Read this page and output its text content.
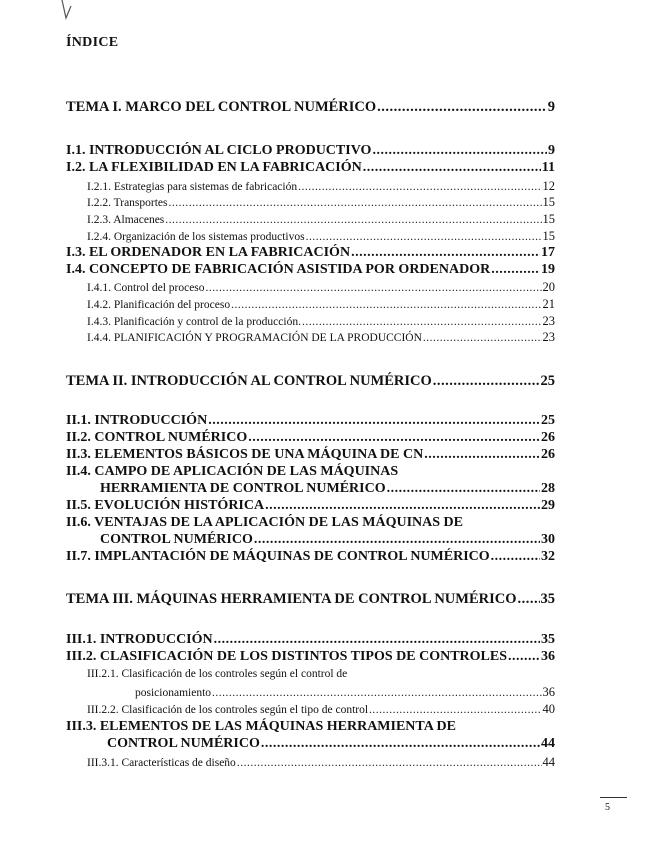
ÍNDICE
TEMA I. MARCO DEL CONTROL NUMÉRICO .....	9
I.1. INTRODUCCIÓN AL CICLO PRODUCTIVO .....	9
I.2. LA FLEXIBILIDAD EN LA FABRICACIÓN .....	11
I.2.1. Estrategias para sistemas de fabricación .....	12
I.2.2. Transportes .....	15
I.2.3. Almacenes .....	15
I.2.4. Organización de los sistemas productivos .....	15
I.3. EL ORDENADOR EN LA FABRICACIÓN .....	17
I.4. CONCEPTO DE FABRICACIÓN ASISTIDA POR ORDENADOR .....	19
I.4.1. Control del proceso .....	20
I.4.2. Planificación del proceso .....	21
I.4.3. Planificación y control de la producción. .....	23
I.4.4. PLANIFICACIÓN Y PROGRAMACIÓN DE LA PRODUCCIÓN .....	23
TEMA II. INTRODUCCIÓN AL CONTROL NUMÉRICO .....	25
II.1. INTRODUCCIÓN .....	25
II.2. CONTROL NUMÉRICO .....	26
II.3. ELEMENTOS BÁSICOS DE UNA MÁQUINA DE CN .....	26
II.4. CAMPO DE APLICACIÓN DE LAS MÁQUINAS
HERRAMIENTA DE CONTROL NUMÉRICO .....	28
II.5. EVOLUCIÓN HISTÓRICA .....	29
II.6. VENTAJAS DE LA APLICACIÓN DE LAS MÁQUINAS DE
CONTROL NUMÉRICO .....	30
II.7. IMPLANTACIÓN DE MÁQUINAS DE CONTROL NUMÉRICO .....	32
TEMA III. MÁQUINAS HERRAMIENTA DE CONTROL NUMÉRICO ..... 35
III.1. INTRODUCCIÓN .....	35
III.2. CLASIFICACIÓN DE LOS DISTINTOS TIPOS DE CONTROLES ..... 36
III.2.1. Clasificación de los controles según el control de
posicionamiento .....	36
III.2.2. Clasificación de los controles según el tipo de control .....	40
III.3. ELEMENTOS DE LAS MÁQUINAS HERRAMIENTA DE
CONTROL NUMÉRICO .....	44
III.3.1. Características de diseño .....	44
5
